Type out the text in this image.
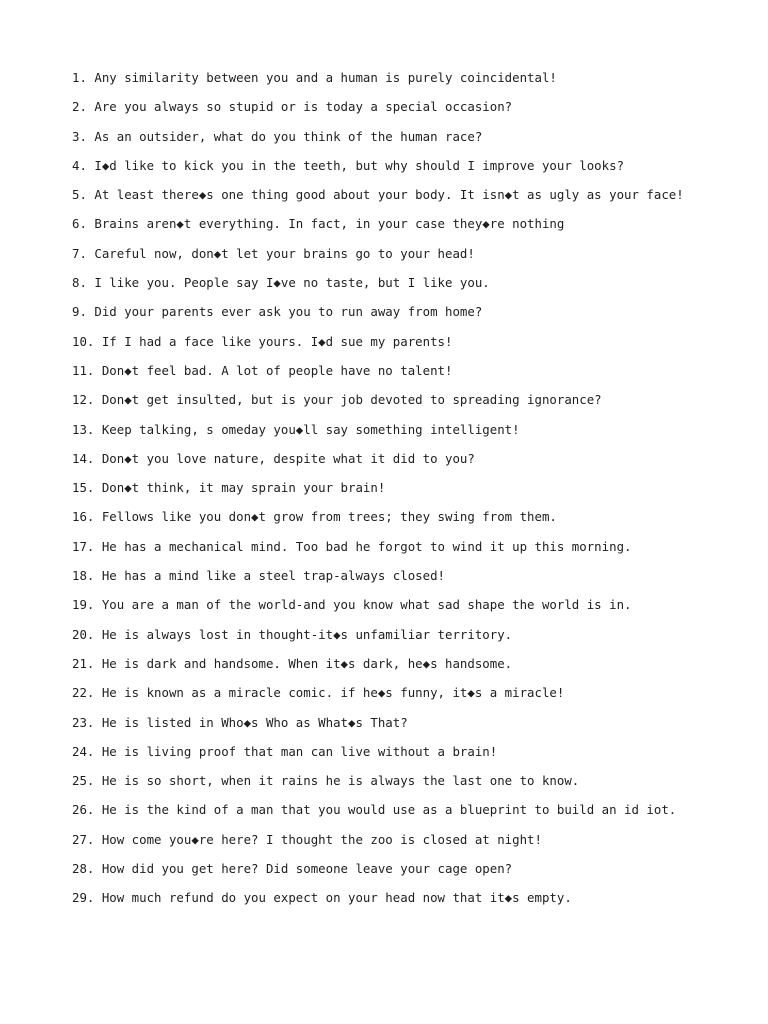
1. Any similarity between you and a human is purely coincidental!
2. Are you always so stupid or is today a special occasion?
3. As an outsider, what do you think of the human race?
4. I◆d like to kick you in the teeth, but why should I improve your looks?
5. At least there◆s one thing good about your body. It isn◆t as ugly as your face!
6. Brains aren◆t everything. In fact, in your case they◆re nothing
7. Careful now, don◆t let your brains go to your head!
8. I like you. People say I◆ve no taste, but I like you.
9. Did your parents ever ask you to run away from home?
10. If I had a face like yours. I◆d sue my parents!
11. Don◆t feel bad. A lot of people have no talent!
12. Don◆t get insulted, but is your job devoted to spreading ignorance?
13. Keep talking, s omeday you◆ll say something intelligent!
14. Don◆t you love nature, despite what it did to you?
15. Don◆t think, it may sprain your brain!
16. Fellows like you don◆t grow from trees; they swing from them.
17. He has a mechanical mind. Too bad he forgot to wind it up this morning.
18. He has a mind like a steel trap-always closed!
19. You are a man of the world-and you know what sad shape the world is in.
20. He is always lost in thought-it◆s unfamiliar territory.
21. He is dark and handsome. When it◆s dark, he◆s handsome.
22. He is known as a miracle comic. if he◆s funny, it◆s a miracle!
23. He is listed in Who◆s Who as What◆s That?
24. He is living proof that man can live without a brain!
25. He is so short, when it rains he is always the last one to know.
26. He is the kind of a man that you would use as a blueprint to build an id iot.
27. How come you◆re here? I thought the zoo is closed at night!
28. How did you get here? Did someone leave your cage open?
29. How much refund do you expect on your head now that it◆s empty.
